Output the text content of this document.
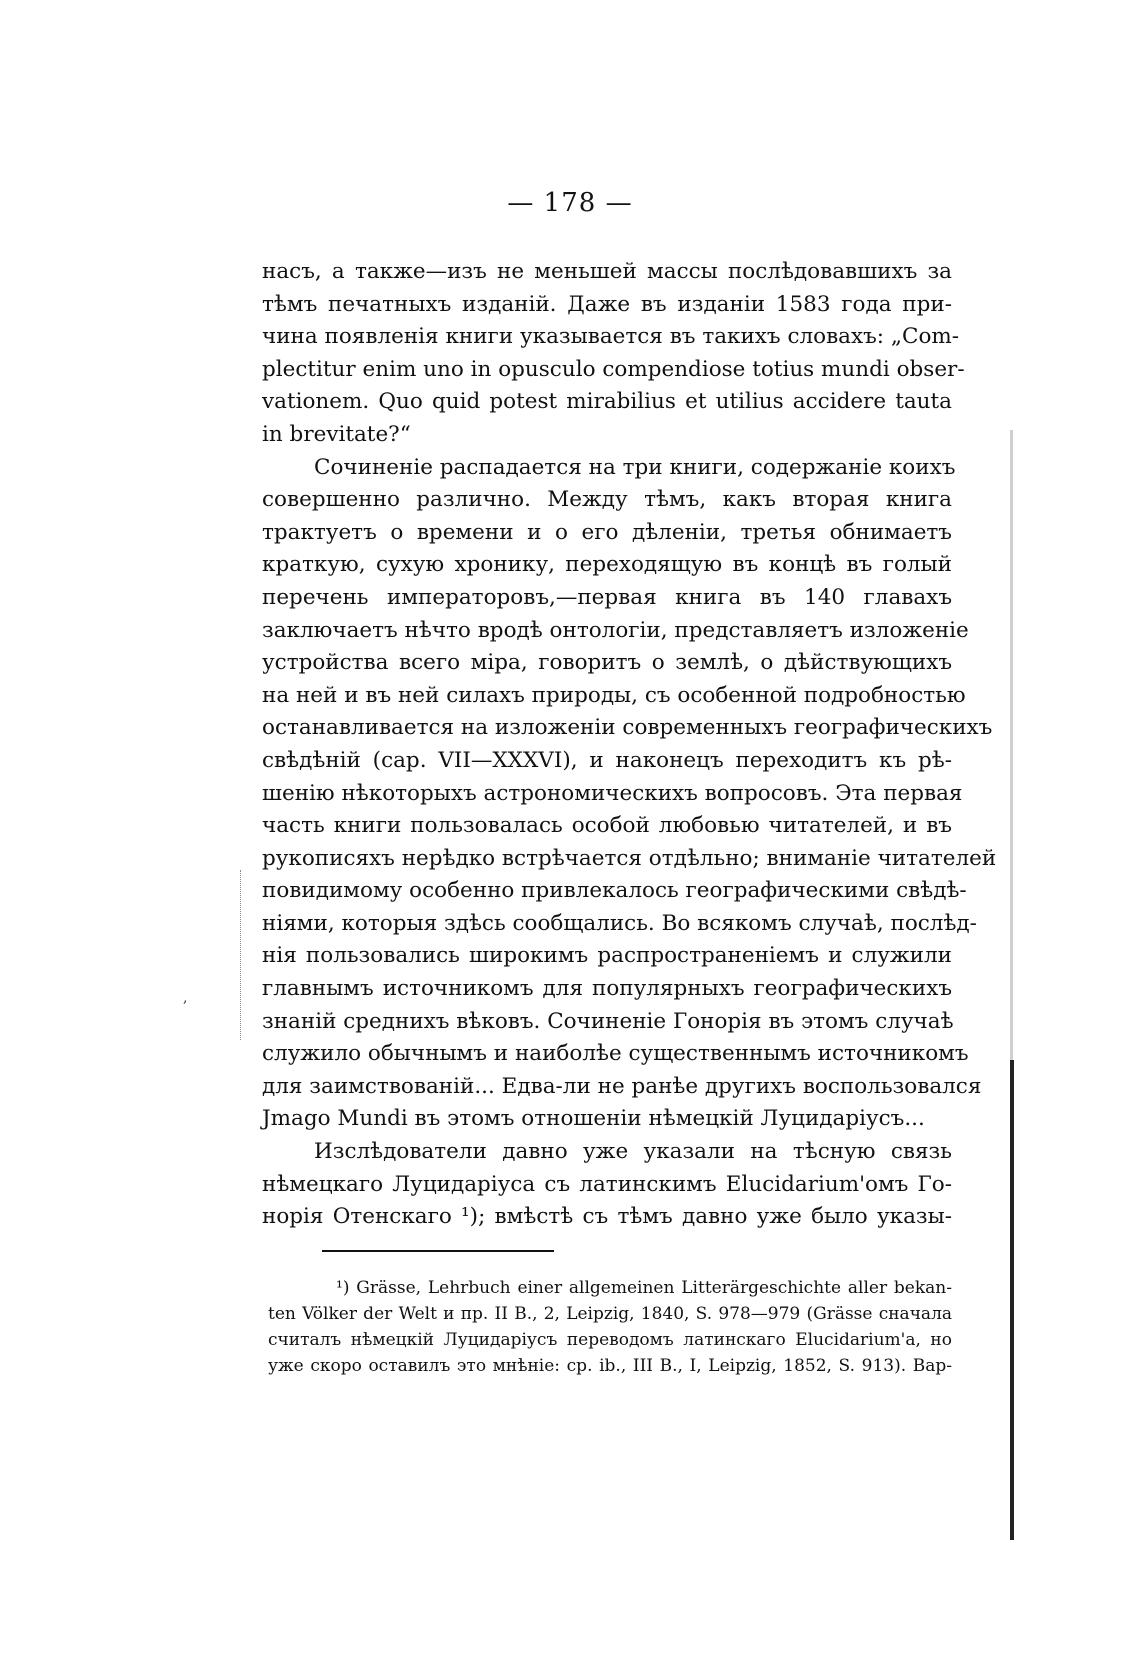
— 178 —
насъ, а также—изъ не меньшей массы послѣдовавшихъ за
тѣмъ печатныхъ изданій. Даже въ изданіи 1583 года при-
чина появленія книги указывается въ такихъ словахъ: „Com-
plectitur enim uno in opusculo compendiose totius mundi obser-
vationem. Quo quid potest mirabilius et utilius accidere tauta
in brevitate?“
Сочиненіе распадается на три книги, содержаніе коихъ
совершенно различно. Между тѣмъ, какъ вторая книга
трактуетъ о времени и о его дѣленіи, третья обнимаетъ
краткую, сухую хронику, переходящую въ концѣ въ голый
перечень императоровъ,—первая книга въ 140 главахъ
заключаетъ нѣчто вродѣ онтологіи, представляетъ изложеніе
устройства всего міра, говоритъ о землѣ, о дѣйствующихъ
на ней и въ ней силахъ природы, съ особенной подробностью
останавливается на изложеніи современныхъ географическихъ
свѣдѣній (cap. VII—XXXVI), и наконецъ переходитъ къ рѣ-
шенію нѣкоторыхъ астрономическихъ вопросовъ. Эта первая
часть книги пользовалась особой любовью читателей, и въ
рукописяхъ нерѣдко встрѣчается отдѣльно; вниманіе читателей
повидимому особенно привлекалось географическими свѣдѣ-
ніями, которыя здѣсь сообщались. Во всякомъ случаѣ, послѣд-
нія пользовались широкимъ распространеніемъ и служили
главнымъ источникомъ для популярныхъ географическихъ
знаній среднихъ вѣковъ. Сочиненіе Гонорія въ этомъ случаѣ
служило обычнымъ и наиболѣе существеннымъ источникомъ
для заимствованій... Едва-ли не ранѣе другихъ воспользовался
Jmago Mundi въ этомъ отношеніи нѣмецкій Луцидаріусъ...
Изслѣдователи давно уже указали на тѣсную связь
нѣмецкаго Луцидаріуса съ латинскимъ Elucidarium'омъ Го-
норія Отенскаго ¹); вмѣстѣ съ тѣмъ давно уже было указы-
¹) Grässe, Lehrbuch einer allgemeinen Litterärgeschichte aller bekan-
ten Völker der Welt и пр. II B., 2, Leipzig, 1840, S. 978—979 (Grässe сначала
считалъ нѣмецкій Луцидаріусъ переводомъ латинскаго Elucidarium'a, но
уже скоро оставилъ это мнѣніе: ср. ib., III B., I, Leipzig, 1852, S. 913). Вар-
,
